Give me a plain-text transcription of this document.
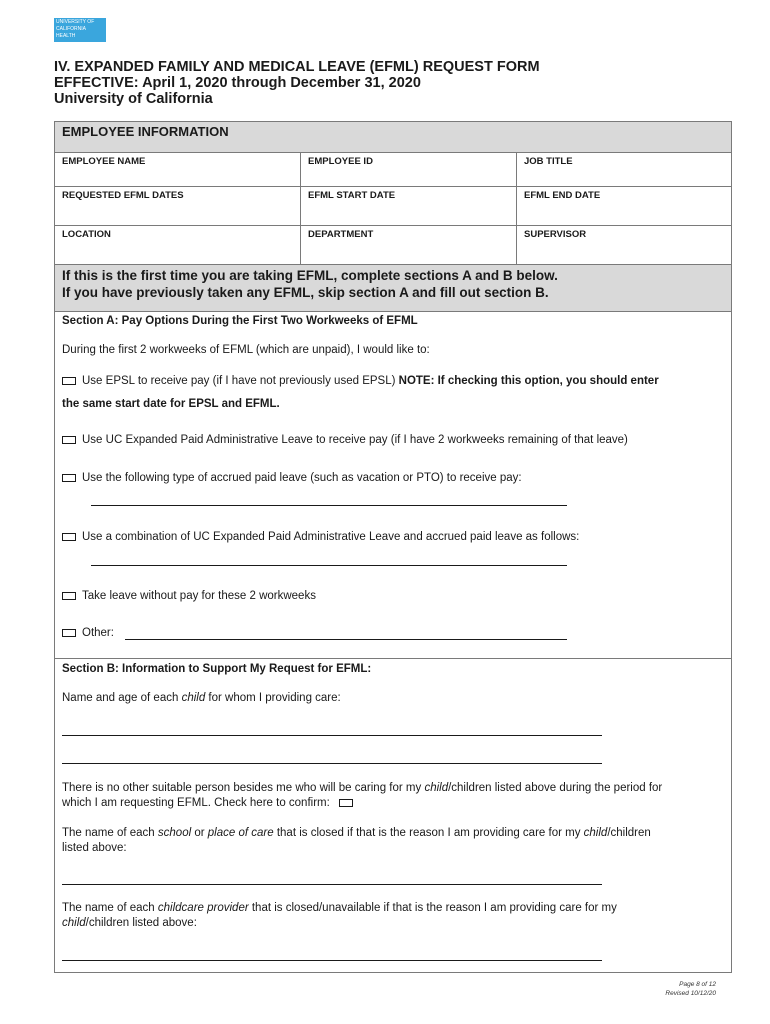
UNIVERSITY OF
CALIFORNIA
HEALTH
IV. EXPANDED FAMILY AND MEDICAL LEAVE (EFML) REQUEST FORM
EFFECTIVE: April 1, 2020 through December 31, 2020
University of California
EMPLOYEE INFORMATION
EMPLOYEE NAME	EMPLOYEE ID	JOB TITLE
REQUESTED EFML DATES	EFML START DATE	EFML END DATE
LOCATION	DEPARTMENT	SUPERVISOR
If this is the first time you are taking EFML, complete sections A and B below.
If you have previously taken any EFML, skip section A and fill out section B.
Section A: Pay Options During the First Two Workweeks of EFML
During the first 2 workweeks of EFML (which are unpaid), I would like to:
Use EPSL to receive pay (if I have not previously used EPSL) NOTE: If checking this option, you should enter
the same start date for EPSL and EFML.
Use UC Expanded Paid Administrative Leave to receive pay (if I have 2 workweeks remaining of that leave)
Use the following type of accrued paid leave (such as vacation or PTO) to receive pay:
Use a combination of UC Expanded Paid Administrative Leave and accrued paid leave as follows:
Take leave without pay for these 2 workweeks
Other:
Section B: Information to Support My Request for EFML:
Name and age of each child for whom I providing care:
There is no other suitable person besides me who will be caring for my child/children listed above during the period for
which I am requesting EFML. Check here to confirm:
The name of each school or place of care that is closed if that is the reason I am providing care for my child/children
listed above:
The name of each childcare provider that is closed/unavailable if that is the reason I am providing care for my
child/children listed above:
Page 8 of 12
Revised 10/12/20
